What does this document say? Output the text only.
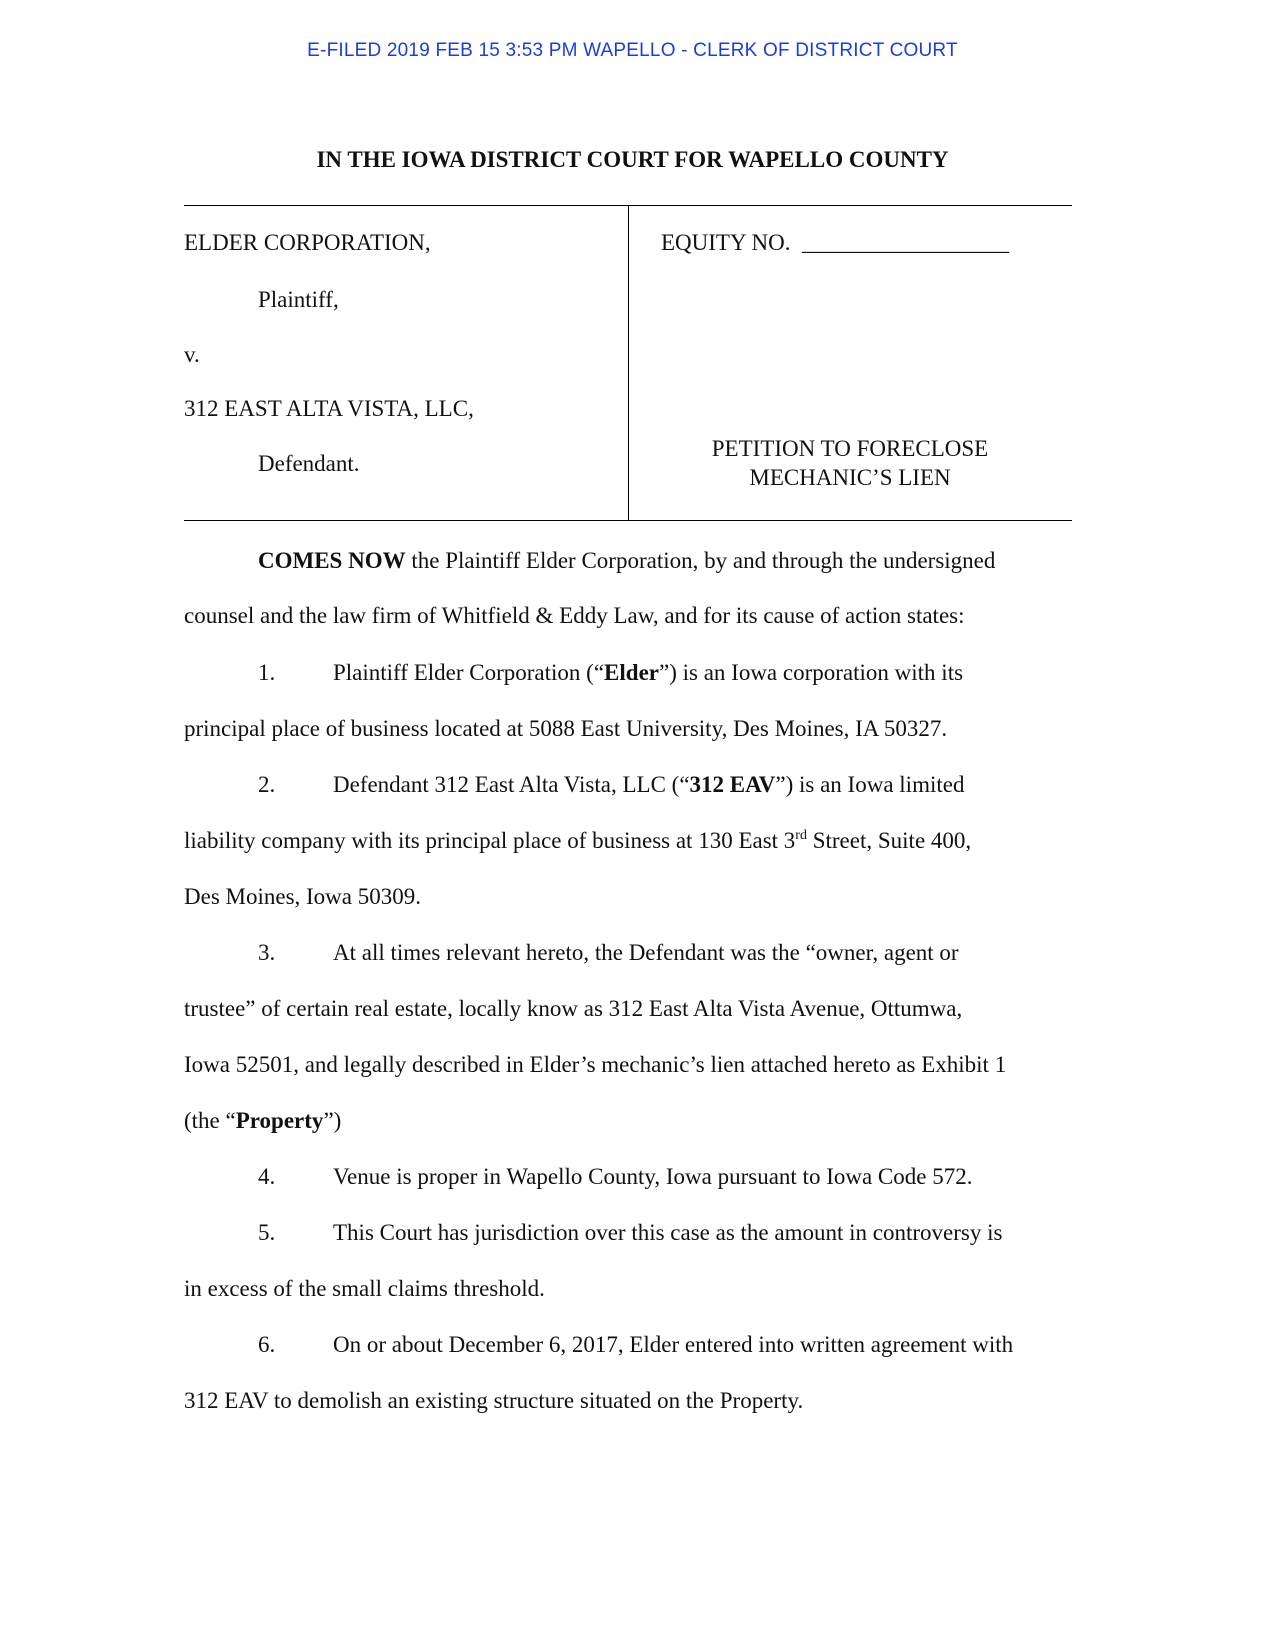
E-FILED 2019 FEB 15 3:53 PM WAPELLO - CLERK OF DISTRICT COURT
IN THE IOWA DISTRICT COURT FOR WAPELLO COUNTY
ELDER CORPORATION,
Plaintiff,
v.
312 EAST ALTA VISTA, LLC,
Defendant.
EQUITY NO. __________________
PETITION TO FORECLOSE
MECHANIC’S LIEN
COMES NOW the Plaintiff Elder Corporation, by and through the undersigned
counsel and the law firm of Whitfield & Eddy Law, and for its cause of action states:
1.	Plaintiff Elder Corporation (“Elder”) is an Iowa corporation with its
principal place of business located at 5088 East University, Des Moines, IA 50327.
2.	Defendant 312 East Alta Vista, LLC (“312 EAV”) is an Iowa limited
liability company with its principal place of business at 130 East 3rd Street, Suite 400,
Des Moines, Iowa 50309.
3.	At all times relevant hereto, the Defendant was the “owner, agent or
trustee” of certain real estate, locally know as 312 East Alta Vista Avenue, Ottumwa,
Iowa 52501, and legally described in Elder’s mechanic’s lien attached hereto as Exhibit 1
(the “Property”)
4.	Venue is proper in Wapello County, Iowa pursuant to Iowa Code 572.
5.	This Court has jurisdiction over this case as the amount in controversy is
in excess of the small claims threshold.
6.	On or about December 6, 2017, Elder entered into written agreement with
312 EAV to demolish an existing structure situated on the Property.
